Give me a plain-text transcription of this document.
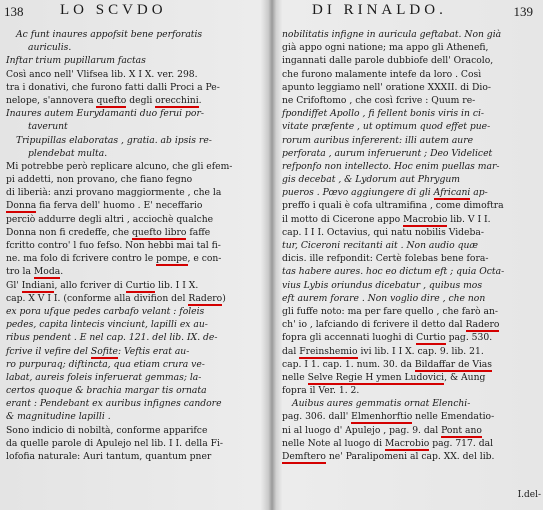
138 LO SCVDO
Ac funt inaures appofsit bene perforatis
auriculis.
Inftar trium pupillarum factas
Così anco nell' Vlifsea lib. X I X. ver. 298.
tra i donativi, che furono fatti dalli Proci a Pe-
nelope, s'annovera quefto degli orecchini.
Inaures autem Eurydamanti duo ferui por-
taverunt
Tripupillas elaboratas , gratia. ab ipsis re-
plendebat multa.
Mi potrebbe però replicare alcuno, che gli efem-
pi addetti, non provano, che fiano fegno
di liberià: anzi provano maggiormente , che la
Donna fia ferva dell' huomo . E' neceffario
perciò addurre degli altri , acciochè qualche
Donna non fi credeffe, che quefto libro faffe
fcritto contro' l fuo fefso. Non hebbi mai tal fi-
ne. ma folo di fcrivere contro le pompe, e con-
tro la Moda.
Gl' Indiani, allo fcriver di Curtio lib. I I X.
cap. X V I I. (conforme alla divifion del Radero)
ex pora ufque pedes carbafo velant : foleis
pedes, capita lintecis vinciunt, lapilli ex au-
ribus pendent . E nel cap. 121. del lib. IX. de-
fcrive il vefire del Sofite: Veftis erat au-
ro purpuraq; diftincta, qua etiam crura ve-
labat, aureis foleis inferuerat gemmas; la-
certos quoque & brachia margar tis ornata
erant : Pendebant ex auribus infignes candore
& magnitudine lapilli .
Sono indicio di nobiltà, conforme apparifce
da quelle parole di Apulejo nel lib. I I. della Fi-
lofofia naturale: Auri tantum, quantum pner
DI RINALDO.	139
nobilitatis infigne in auricula geftabat. Non già
già appo ogni natione; ma appo gli Athenefi,
ingannati dalle parole dubbiofe dell' Oracolo,
che furono malamente intefe da loro . Così
apunto leggiamo nell' oratione XXXII. di Dio-
ne Crifoftomo , che così fcrive : Quum re-
fpondiffet Apollo , fi fellent bonis viris in ci-
vitate præfente , ut optimum quod effet pue-
rorum auribus infererent: illi autem aure
perforata , aurum inferuerunt ; Deo Videlicet
refponfo non intellecto. Hoc enim puellas mar-
gis decebat , & Lydorum aut Phrygum
pueros . Pœvo aggiungere di gli Africani ap-
preffo i quali è cofa ultramifina , come dimoftra
il motto di Cicerone appo Macrobio lib. V I I.
cap. I I I. Octavius, qui natu nobilis Videba-
tur, Ciceroni recitanti ait . Non audio quæ
dicis. ille refpondit: Certè folebas bene fora-
tas habere aures. hoc eo dictum eft ; quia Octa-
vius Lybis oriundus dicebatur , quibus mos
eft aurem forare . Non voglio dire , che non
gli fuffe noto: ma per fare quello , che farò an-
ch' io , lafciando di fcrivere il detto dal Radero
fopra gli accennati luoghi di Curtio pag. 530.
dal Freinshemio ivi lib. I I X. cap. 9. lib. 21.
cap. I 1. cap. 1. num. 30. da Bildaffar de Vias
nelle Selve Regie H ymen Ludovici, & Aung
fopra il Ver. 1. 2.
Auibus aures gemmatis ornat Elenchi-
pag. 306. dall' Elmenhorftio nelle Emendatio-
ni al luogo d' Apulejo , pag. 9. dal Pont ano
nelle Note al luogo di Macrobio pag. 717. dal
Demftero ne' Paralipomeni al cap. XX. del lib.
I.del-
